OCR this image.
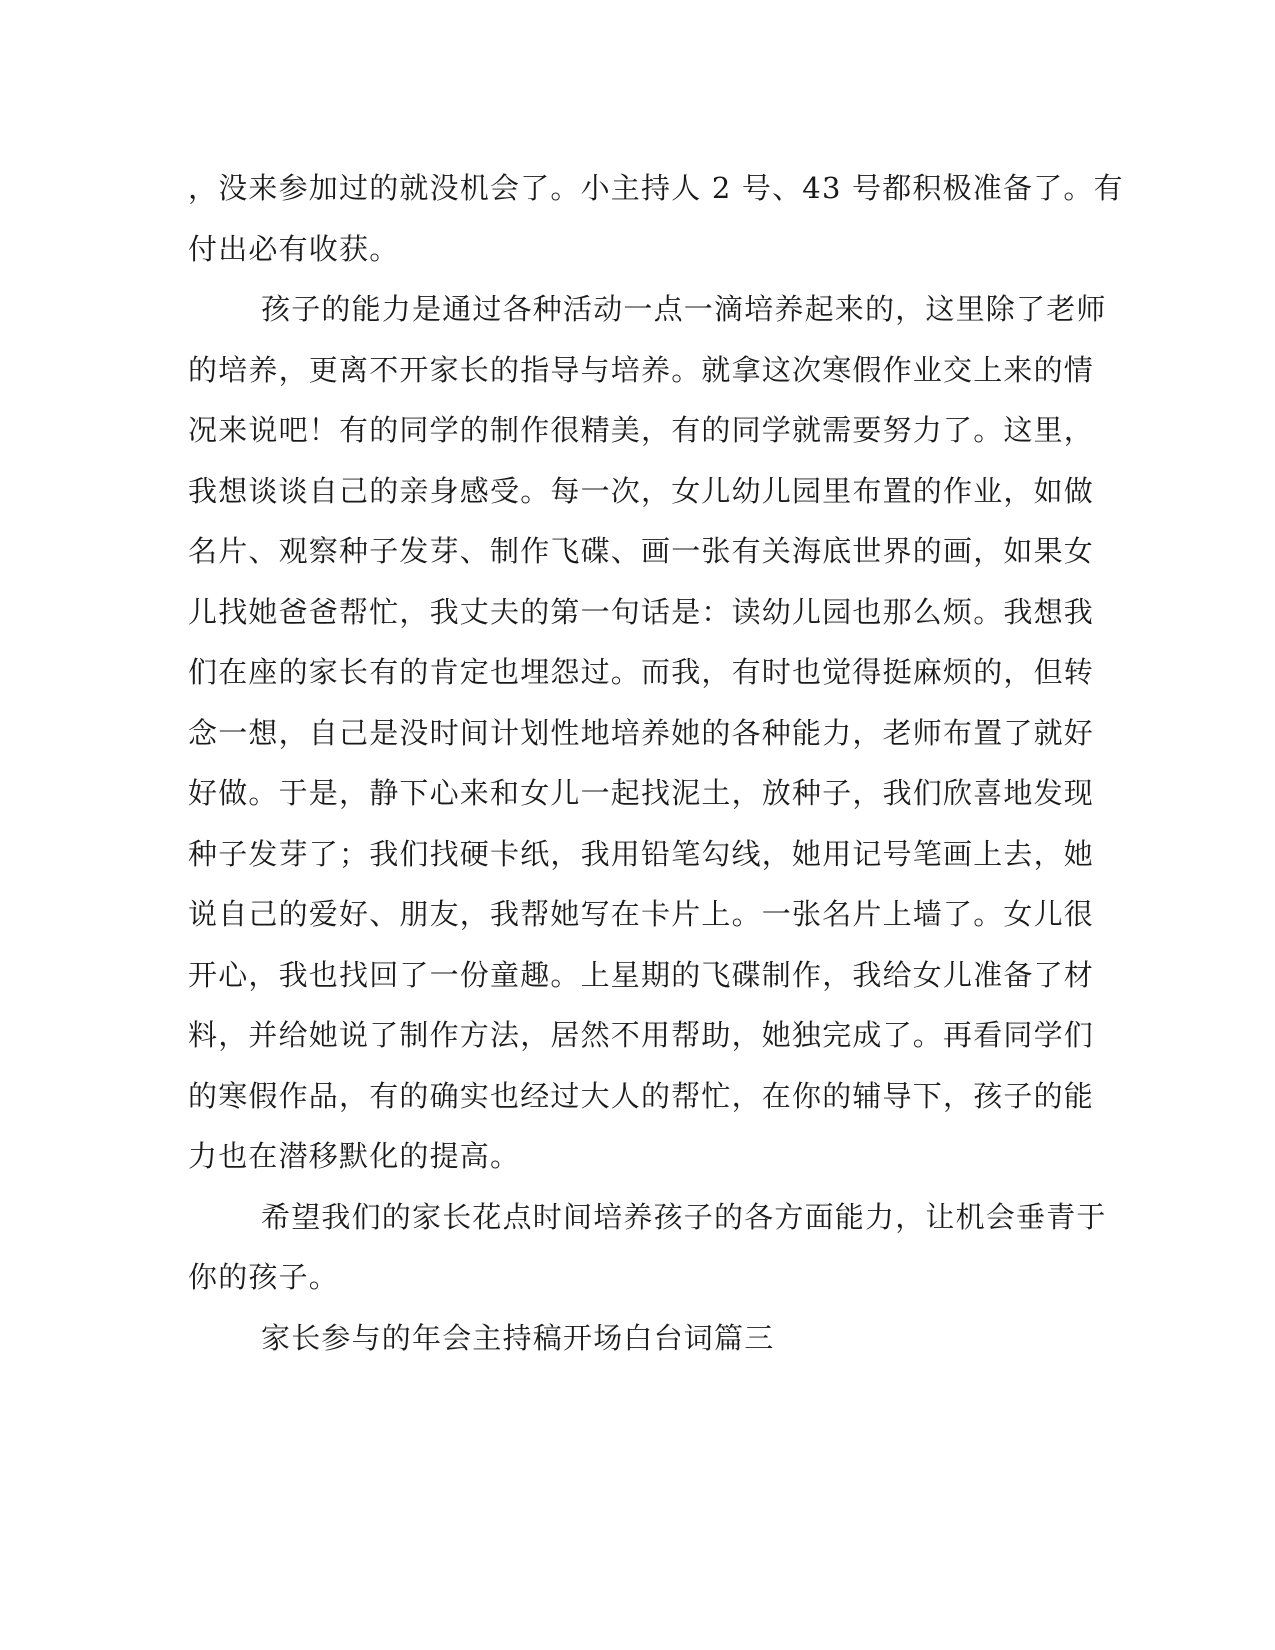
，没来参加过的就没机会了。小主持人 2 号、43 号都积极准备了。有
付出必有收获。
孩子的能力是通过各种活动一点一滴培养起来的，这里除了老师
的培养，更离不开家长的指导与培养。就拿这次寒假作业交上来的情
况来说吧！有的同学的制作很精美，有的同学就需要努力了。这里，
我想谈谈自己的亲身感受。每一次，女儿幼儿园里布置的作业，如做
名片、观察种子发芽、制作飞碟、画一张有关海底世界的画，如果女
儿找她爸爸帮忙，我丈夫的第一句话是：读幼儿园也那么烦。我想我
们在座的家长有的肯定也埋怨过。而我，有时也觉得挺麻烦的，但转
念一想，自己是没时间计划性地培养她的各种能力，老师布置了就好
好做。于是，静下心来和女儿一起找泥土，放种子，我们欣喜地发现
种子发芽了；我们找硬卡纸，我用铅笔勾线，她用记号笔画上去，她
说自己的爱好、朋友，我帮她写在卡片上。一张名片上墙了。女儿很
开心，我也找回了一份童趣。上星期的飞碟制作，我给女儿准备了材
料，并给她说了制作方法，居然不用帮助，她独完成了。再看同学们
的寒假作品，有的确实也经过大人的帮忙，在你的辅导下，孩子的能
力也在潜移默化的提高。
希望我们的家长花点时间培养孩子的各方面能力，让机会垂青于
你的孩子。
家长参与的年会主持稿开场白台词篇三
